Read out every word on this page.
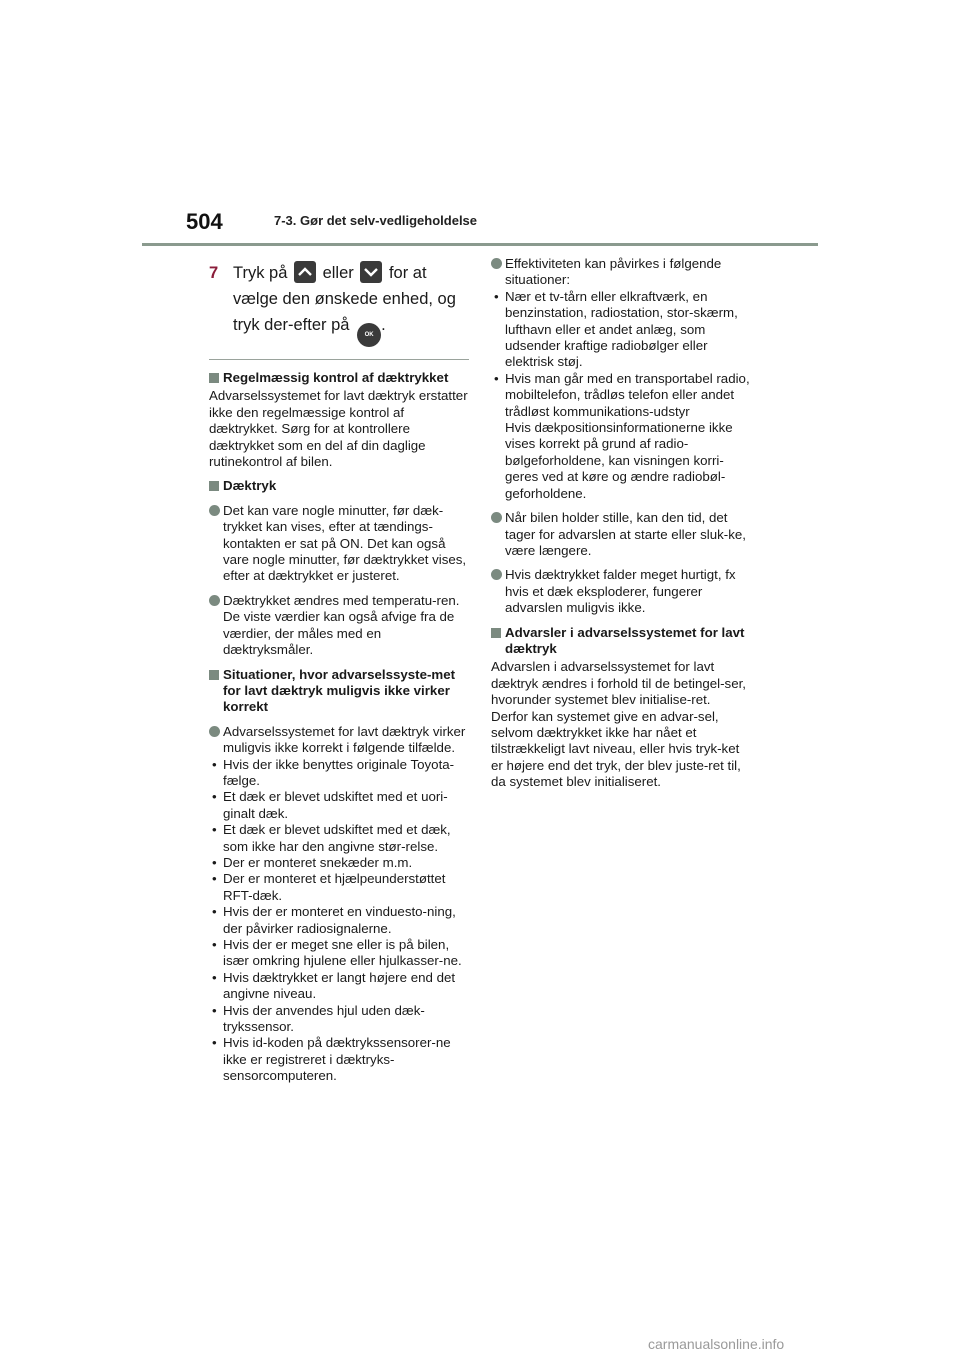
504	7-3. Gør det selv-vedligeholdelse
7 Tryk på eller for at vælge den ønskede enhed, og tryk der-efter på OK.
Regelmæssig kontrol af dæktrykket
Advarselssystemet for lavt dæktryk erstatter ikke den regelmæssige kontrol af dæktrykket. Sørg for at kontrollere dæktrykket som en del af din daglige rutinekontrol af bilen.
Dæktryk
Det kan vare nogle minutter, før dæk-trykket kan vises, efter at tændings-kontakten er sat på ON. Det kan også vare nogle minutter, før dæktrykket vises, efter at dæktrykket er justeret.
Dæktrykket ændres med temperatu-ren. De viste værdier kan også afvige fra de værdier, der måles med en dæktryksmåler.
Situationer, hvor advarselssyste-met for lavt dæktryk muligvis ikke virker korrekt
Advarselssystemet for lavt dæktryk virker muligvis ikke korrekt i følgende tilfælde.
• Hvis der ikke benyttes originale Toyota-fælge.
• Et dæk er blevet udskiftet med et uori-ginalt dæk.
• Et dæk er blevet udskiftet med et dæk, som ikke har den angivne stør-relse.
• Der er monteret snekæder m.m.
• Der er monteret et hjælpeunderstøttet RFT-dæk.
• Hvis der er monteret en vinduesto-ning, der påvirker radiosignalerne.
• Hvis der er meget sne eller is på bilen, især omkring hjulene eller hjulkasser-ne.
• Hvis dæktrykket er langt højere end det angivne niveau.
• Hvis der anvendes hjul uden dæk-trykssensor.
• Hvis id-koden på dæktrykssensorer-ne ikke er registreret i dæktryks-sensorcomputeren.
Effektiviteten kan påvirkes i følgende situationer:
• Nær et tv-tårn eller elkraftværk, en benzinstation, radiostation, stor-skærm, lufthavn eller et andet anlæg, som udsender kraftige radiobølger eller elektrisk støj.
• Hvis man går med en transportabel radio, mobiltelefon, trådløs telefon eller andet trådløst kommunikations-udstyr
Hvis dækpositionsinformationerne ikke vises korrekt på grund af radio-bølgeforholdene, kan visningen korri-geres ved at køre og ændre radiobøl-geforholdene.
Når bilen holder stille, kan den tid, det tager for advarslen at starte eller sluk-ke, være længere.
Hvis dæktrykket falder meget hurtigt, fx hvis et dæk eksploderer, fungerer advarslen muligvis ikke.
Advarsler i advarselssystemet for lavt dæktryk
Advarslen i advarselssystemet for lavt dæktryk ændres i forhold til de betingel-ser, hvorunder systemet blev initialise-ret. Derfor kan systemet give en advar-sel, selvom dæktrykket ikke har nået et tilstrækkeligt lavt niveau, eller hvis tryk-ket er højere end det tryk, der blev juste-ret til, da systemet blev initialiseret.
carmanualsonline.info
